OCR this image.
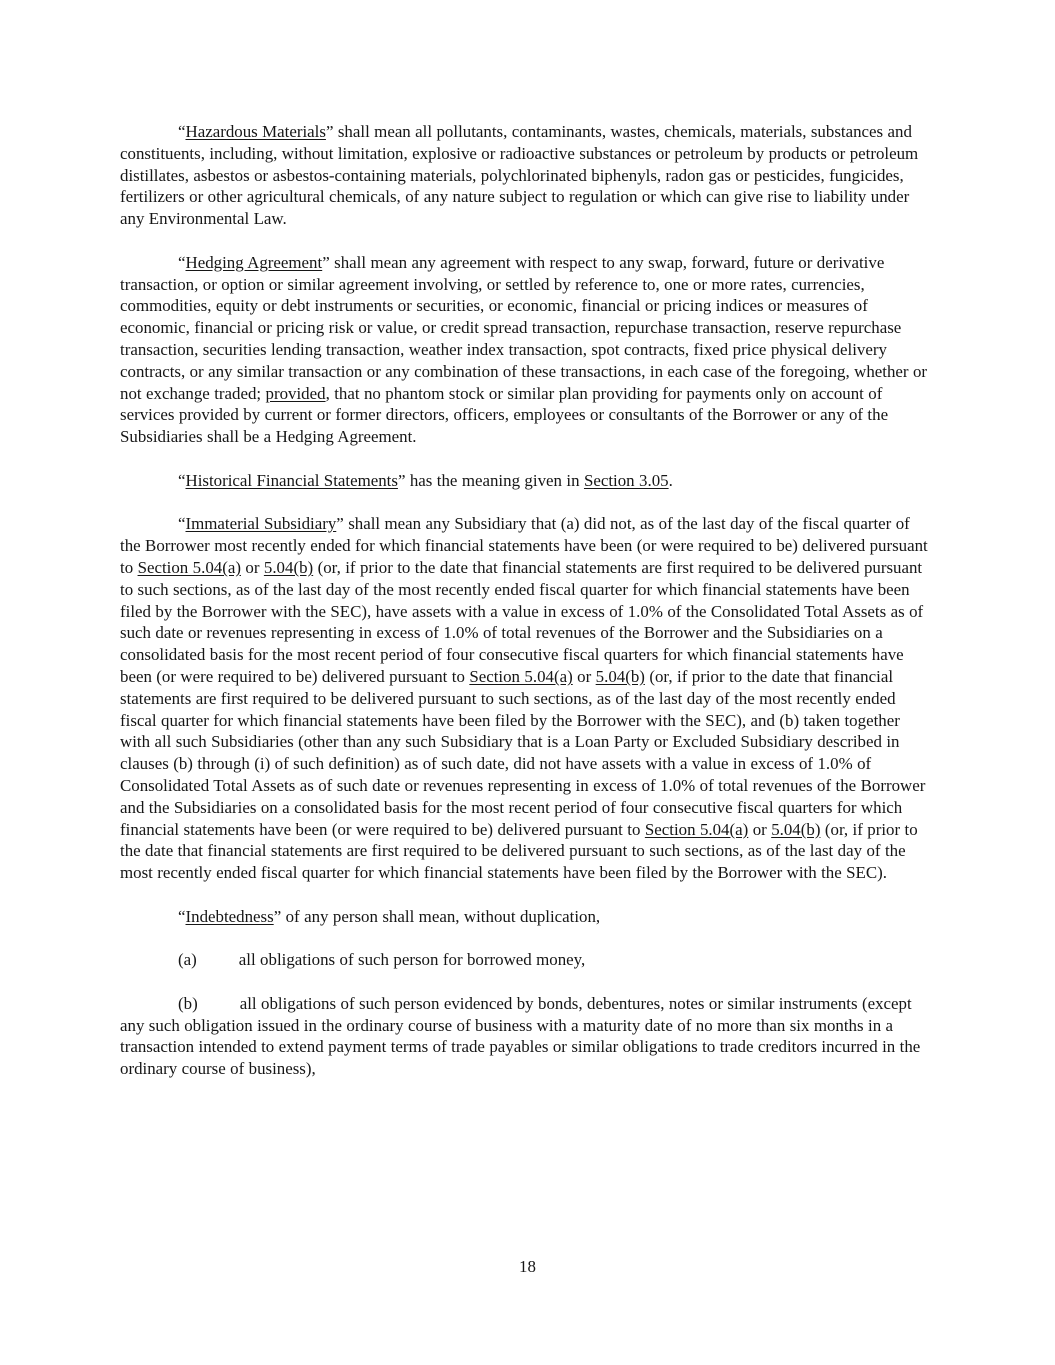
“Hazardous Materials” shall mean all pollutants, contaminants, wastes, chemicals, materials, substances and constituents, including, without limitation, explosive or radioactive substances or petroleum by products or petroleum distillates, asbestos or asbestos-containing materials, polychlorinated biphenyls, radon gas or pesticides, fungicides, fertilizers or other agricultural chemicals, of any nature subject to regulation or which can give rise to liability under any Environmental Law.

“Hedging Agreement” shall mean any agreement with respect to any swap, forward, future or derivative transaction, or option or similar agreement involving, or settled by reference to, one or more rates, currencies, commodities, equity or debt instruments or securities, or economic, financial or pricing indices or measures of economic, financial or pricing risk or value, or credit spread transaction, repurchase transaction, reserve repurchase transaction, securities lending transaction, weather index transaction, spot contracts, fixed price physical delivery contracts, or any similar transaction or any combination of these transactions, in each case of the foregoing, whether or not exchange traded; provided, that no phantom stock or similar plan providing for payments only on account of services provided by current or former directors, officers, employees or consultants of the Borrower or any of the Subsidiaries shall be a Hedging Agreement.

“Historical Financial Statements” has the meaning given in Section 3.05.

“Immaterial Subsidiary” shall mean any Subsidiary that (a) did not, as of the last day of the fiscal quarter of the Borrower most recently ended for which financial statements have been (or were required to be) delivered pursuant to Section 5.04(a) or 5.04(b) (or, if prior to the date that financial statements are first required to be delivered pursuant to such sections, as of the last day of the most recently ended fiscal quarter for which financial statements have been filed by the Borrower with the SEC), have assets with a value in excess of 1.0% of the Consolidated Total Assets as of such date or revenues representing in excess of 1.0% of total revenues of the Borrower and the Subsidiaries on a consolidated basis for the most recent period of four consecutive fiscal quarters for which financial statements have been (or were required to be) delivered pursuant to Section 5.04(a) or 5.04(b) (or, if prior to the date that financial statements are first required to be delivered pursuant to such sections, as of the last day of the most recently ended fiscal quarter for which financial statements have been filed by the Borrower with the SEC), and (b) taken together with all such Subsidiaries (other than any such Subsidiary that is a Loan Party or Excluded Subsidiary described in clauses (b) through (i) of such definition) as of such date, did not have assets with a value in excess of 1.0% of Consolidated Total Assets as of such date or revenues representing in excess of 1.0% of total revenues of the Borrower and the Subsidiaries on a consolidated basis for the most recent period of four consecutive fiscal quarters for which financial statements have been (or were required to be) delivered pursuant to Section 5.04(a) or 5.04(b) (or, if prior to the date that financial statements are first required to be delivered pursuant to such sections, as of the last day of the most recently ended fiscal quarter for which financial statements have been filed by the Borrower with the SEC).

“Indebtedness” of any person shall mean, without duplication,

(a) all obligations of such person for borrowed money,

(b) all obligations of such person evidenced by bonds, debentures, notes or similar instruments (except any such obligation issued in the ordinary course of business with a maturity date of no more than six months in a transaction intended to extend payment terms of trade payables or similar obligations to trade creditors incurred in the ordinary course of business),

18
